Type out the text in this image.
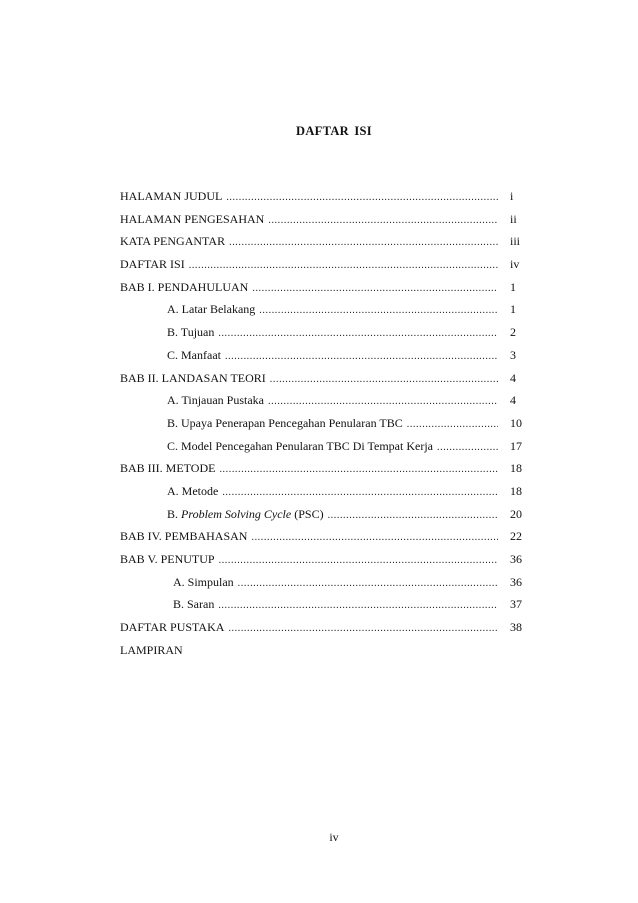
DAFTAR ISI
HALAMAN JUDUL .....	i
HALAMAN PENGESAHAN .....	ii
KATA PENGANTAR .....	iii
DAFTAR ISI .....	iv
BAB I. PENDAHULUAN .....	1
A. Latar Belakang .....	1
B. Tujuan .....	2
C. Manfaat .....	3
BAB II. LANDASAN TEORI .....	4
A. Tinjauan Pustaka .....	4
B. Upaya Penerapan Pencegahan Penularan TBC .....	10
C. Model Pencegahan Penularan TBC Di Tempat Kerja .....	17
BAB III. METODE .....	18
A. Metode .....	18
B. Problem Solving Cycle (PSC) .....	20
BAB IV. PEMBAHASAN .....	22
BAB V. PENUTUP .....	36
A. Simpulan .....	36
B. Saran .....	37
DAFTAR PUSTAKA .....	38
LAMPIRAN
iv
